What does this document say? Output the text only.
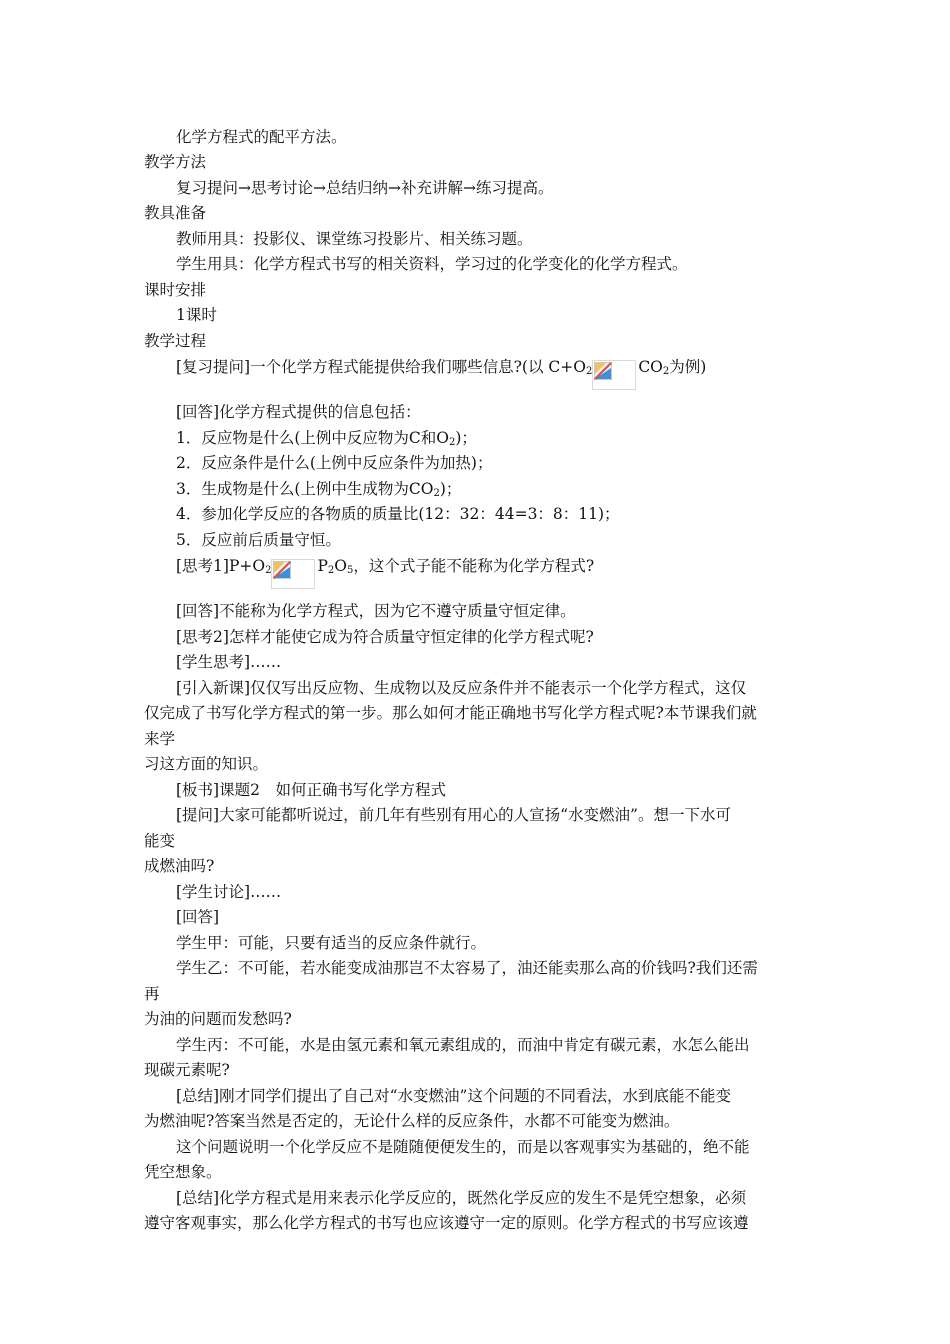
化学方程式的配平方法。
教学方法
复习提问→思考讨论→总结归纳→补充讲解→练习提高。
教具准备
教师用具：投影仪、课堂练习投影片、相关练习题。
学生用具：化学方程式书写的相关资料，学习过的化学变化的化学方程式。
课时安排
1课时
教学过程
[复习提问]一个化学方程式能提供给我们哪些信息?(以 $C+O_2$	$CO_2$为例)
[回答]化学方程式提供的信息包括：
1．反应物是什么(上例中反应物为C和$O_2$)；
2．反应条件是什么(上例中反应条件为加热)；
3．生成物是什么(上例中生成物为$CO_2$)；
4．参加化学反应的各物质的质量比(12：32：44=3：8：11)；
5．反应前后质量守恒。
[思考$1]P+O_2$	$P_2O_5$，这个式子能不能称为化学方程式?
[回答]不能称为化学方程式，因为它不遵守质量守恒定律。
[思考2]怎样才能使它成为符合质量守恒定律的化学方程式呢?
[学生思考]……
[引入新课]仅仅写出反应物、生成物以及反应条件并不能表示一个化学方程式，这仅
仅完成了书写化学方程式的第一步。那么如何才能正确地书写化学方程式呢?本节课我们就
来学
习这方面的知识。
[板书]课题2　如何正确书写化学方程式
[提问]大家可能都听说过，前几年有些别有用心的人宣扬“水变燃油”。想一下水可
能变
成燃油吗?
[学生讨论]……
[回答]
学生甲：可能，只要有适当的反应条件就行。
学生乙：不可能，若水能变成油那岂不太容易了，油还能卖那么高的价钱吗?我们还需
再
为油的问题而发愁吗?
学生丙：不可能，水是由氢元素和氧元素组成的，而油中肯定有碳元素，水怎么能出
现碳元素呢?
[总结]刚才同学们提出了自己对“水变燃油”这个问题的不同看法，水到底能不能变
为燃油呢?答案当然是否定的，无论什么样的反应条件，水都不可能变为燃油。
这个问题说明一个化学反应不是随随便便发生的，而是以客观事实为基础的，绝不能
凭空想象。
[总结]化学方程式是用来表示化学反应的，既然化学反应的发生不是凭空想象，必须
遵守客观事实，那么化学方程式的书写也应该遵守一定的原则。化学方程式的书写应该遵
